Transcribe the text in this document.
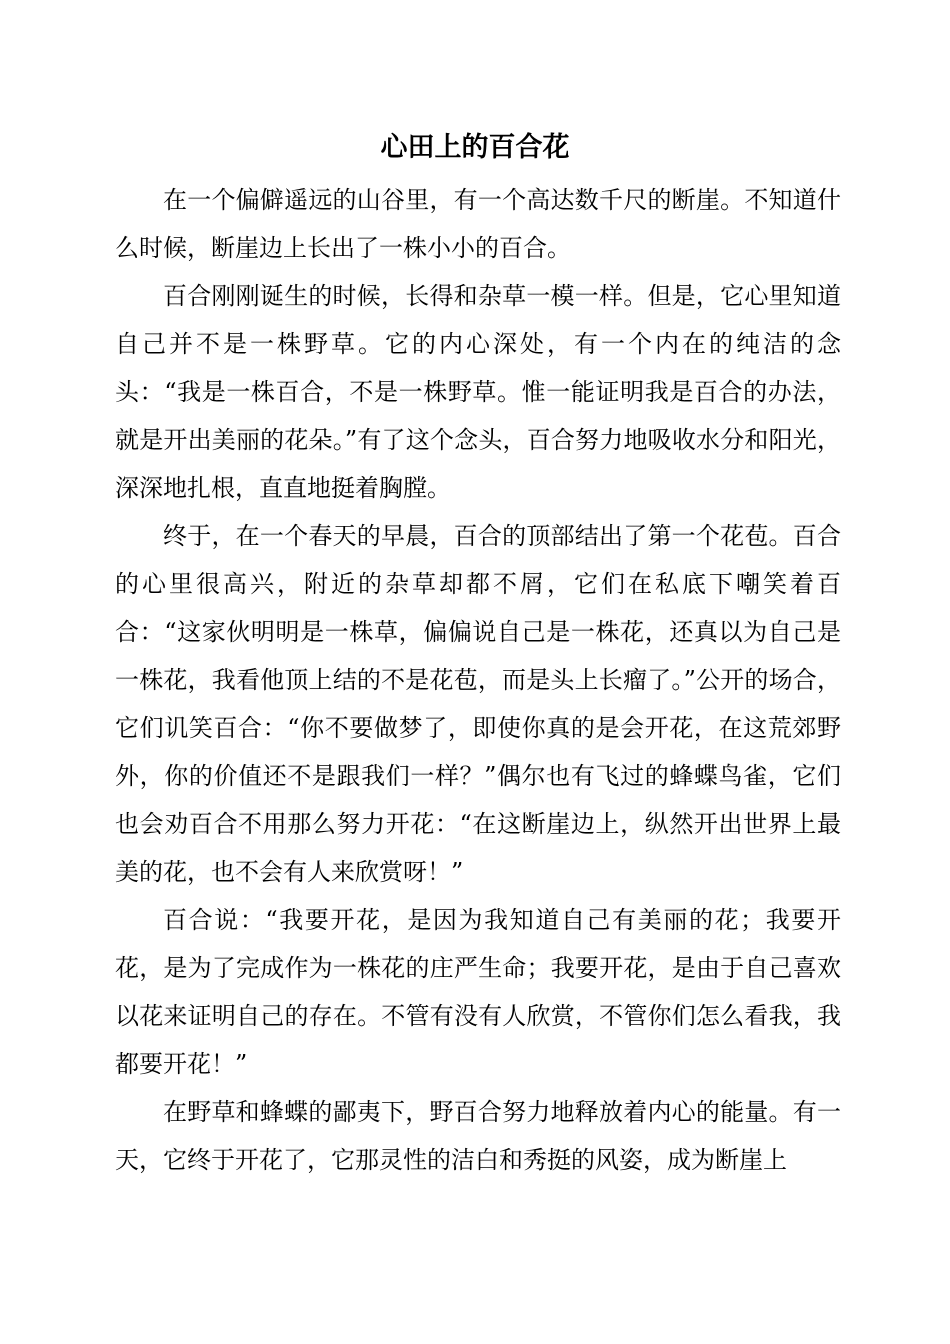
心田上的百合花

在一个偏僻遥远的山谷里，有一个高达数千尺的断崖。不知道什么时候，断崖边上长出了一株小小的百合。

百合刚刚诞生的时候，长得和杂草一模一样。但是，它心里知道自己并不是一株野草。它的内心深处，有一个内在的纯洁的念头：“我是一株百合，不是一株野草。惟一能证明我是百合的办法，就是开出美丽的花朵。”有了这个念头，百合努力地吸收水分和阳光，深深地扎根，直直地挺着胸膛。

终于，在一个春天的早晨，百合的顶部结出了第一个花苞。百合的心里很高兴，附近的杂草却都不屑，它们在私底下嘲笑着百合：“这家伙明明是一株草，偏偏说自己是一株花，还真以为自己是一株花，我看他顶上结的不是花苞，而是头上长瘤了。”公开的场合，它们讥笑百合：“你不要做梦了，即使你真的是会开花，在这荒郊野外，你的价值还不是跟我们一样？”偶尔也有飞过的蜂蝶鸟雀，它们也会劝百合不用那么努力开花：“在这断崖边上，纵然开出世界上最美的花，也不会有人来欣赏呀！”

百合说：“我要开花，是因为我知道自己有美丽的花；我要开花，是为了完成作为一株花的庄严生命；我要开花，是由于自己喜欢以花来证明自己的存在。不管有没有人欣赏，不管你们怎么看我，我都要开花！”

在野草和蜂蝶的鄙夷下，野百合努力地释放着内心的能量。有一天，它终于开花了，它那灵性的洁白和秀挺的风姿，成为断崖上
